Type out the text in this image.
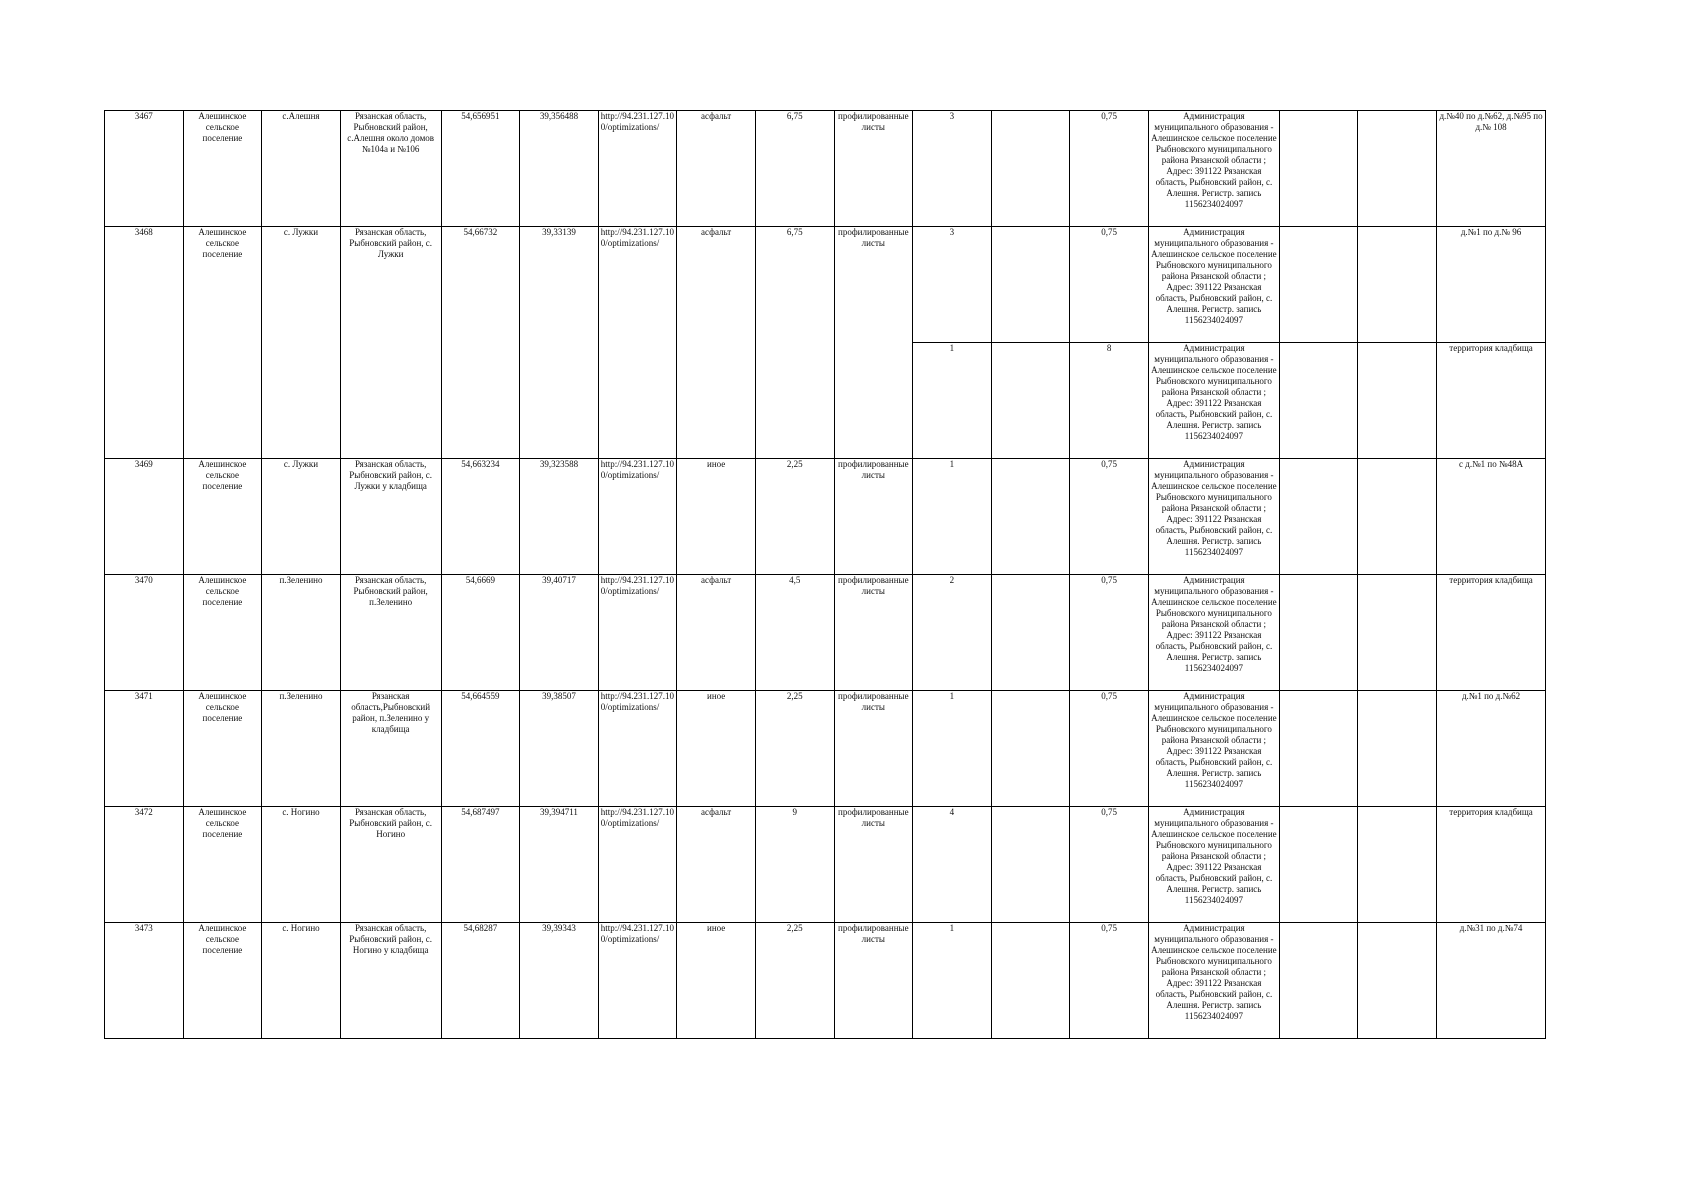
3467	Алешинское сельское поселение	с.Алешня	Рязанская область, Рыбновский район, с.Алешня около домов №104а и №106	54,656951	39,356488	http://94.231.127.100/optimizations/	асфальт	6,75	профилированные листы	3		0,75	Администрация муниципального образования - Алешинское сельское поселение Рыбновского муниципального района Рязанской области ; Адрес: 391122 Рязанская область, Рыбновский район, с. Алешня. Регистр. запись 1156234024097			д.№40 по д.№62, д.№95 по д.№ 108
3468	Алешинское сельское поселение	с. Лужки	Рязанская область, Рыбновский район, с. Лужки	54,66732	39,33139	http://94.231.127.100/optimizations/	асфальт	6,75	профилированные листы	3		0,75	Администрация муниципального образования - Алешинское сельское поселение Рыбновского муниципального района Рязанской области ; Адрес: 391122 Рязанская область, Рыбновский район, с. Алешня. Регистр. запись 1156234024097			д.№1 по д.№ 96
										1		8	Администрация муниципального образования - Алешинское сельское поселение Рыбновского муниципального района Рязанской области ; Адрес: 391122 Рязанская область, Рыбновский район, с. Алешня. Регистр. запись 1156234024097			территория кладбища
3469	Алешинское сельское поселение	с. Лужки	Рязанская область, Рыбновский район, с. Лужки у кладбища	54,663234	39,323588	http://94.231.127.100/optimizations/	иное	2,25	профилированные листы	1		0,75	Администрация муниципального образования - Алешинское сельское поселение Рыбновского муниципального района Рязанской области ; Адрес: 391122 Рязанская область, Рыбновский район, с. Алешня. Регистр. запись 1156234024097			с д.№1 по №48А
3470	Алешинское сельское поселение	п.Зеленино	Рязанская область, Рыбновский район, п.Зеленино	54,6669	39,40717	http://94.231.127.100/optimizations/	асфальт	4,5	профилированные листы	2		0,75	Администрация муниципального образования - Алешинское сельское поселение Рыбновского муниципального района Рязанской области ; Адрес: 391122 Рязанская область, Рыбновский район, с. Алешня. Регистр. запись 1156234024097			территория кладбища
3471	Алешинское сельское поселение	п.Зеленино	Рязанская область,Рыбновский район, п.Зеленино у кладбища	54,664559	39,38507	http://94.231.127.100/optimizations/	иное	2,25	профилированные листы	1		0,75	Администрация муниципального образования - Алешинское сельское поселение Рыбновского муниципального района Рязанской области ; Адрес: 391122 Рязанская область, Рыбновский район, с. Алешня. Регистр. запись 1156234024097			д.№1 по д.№62
3472	Алешинское сельское поселение	с. Ногино	Рязанская область, Рыбновский район, с. Ногино	54,687497	39,394711	http://94.231.127.100/optimizations/	асфальт	9	профилированные листы	4		0,75	Администрация муниципального образования - Алешинское сельское поселение Рыбновского муниципального района Рязанской области ; Адрес: 391122 Рязанская область, Рыбновский район, с. Алешня. Регистр. запись 1156234024097			территория кладбища
3473	Алешинское сельское поселение	с. Ногино	Рязанская область, Рыбновский район, с. Ногино у кладбища	54,68287	39,39343	http://94.231.127.100/optimizations/	иное	2,25	профилированные листы	1		0,75	Администрация муниципального образования - Алешинское сельское поселение Рыбновского муниципального района Рязанской области ; Адрес: 391122 Рязанская область, Рыбновский район, с. Алешня. Регистр. запись 1156234024097			д.№31 по д.№74
